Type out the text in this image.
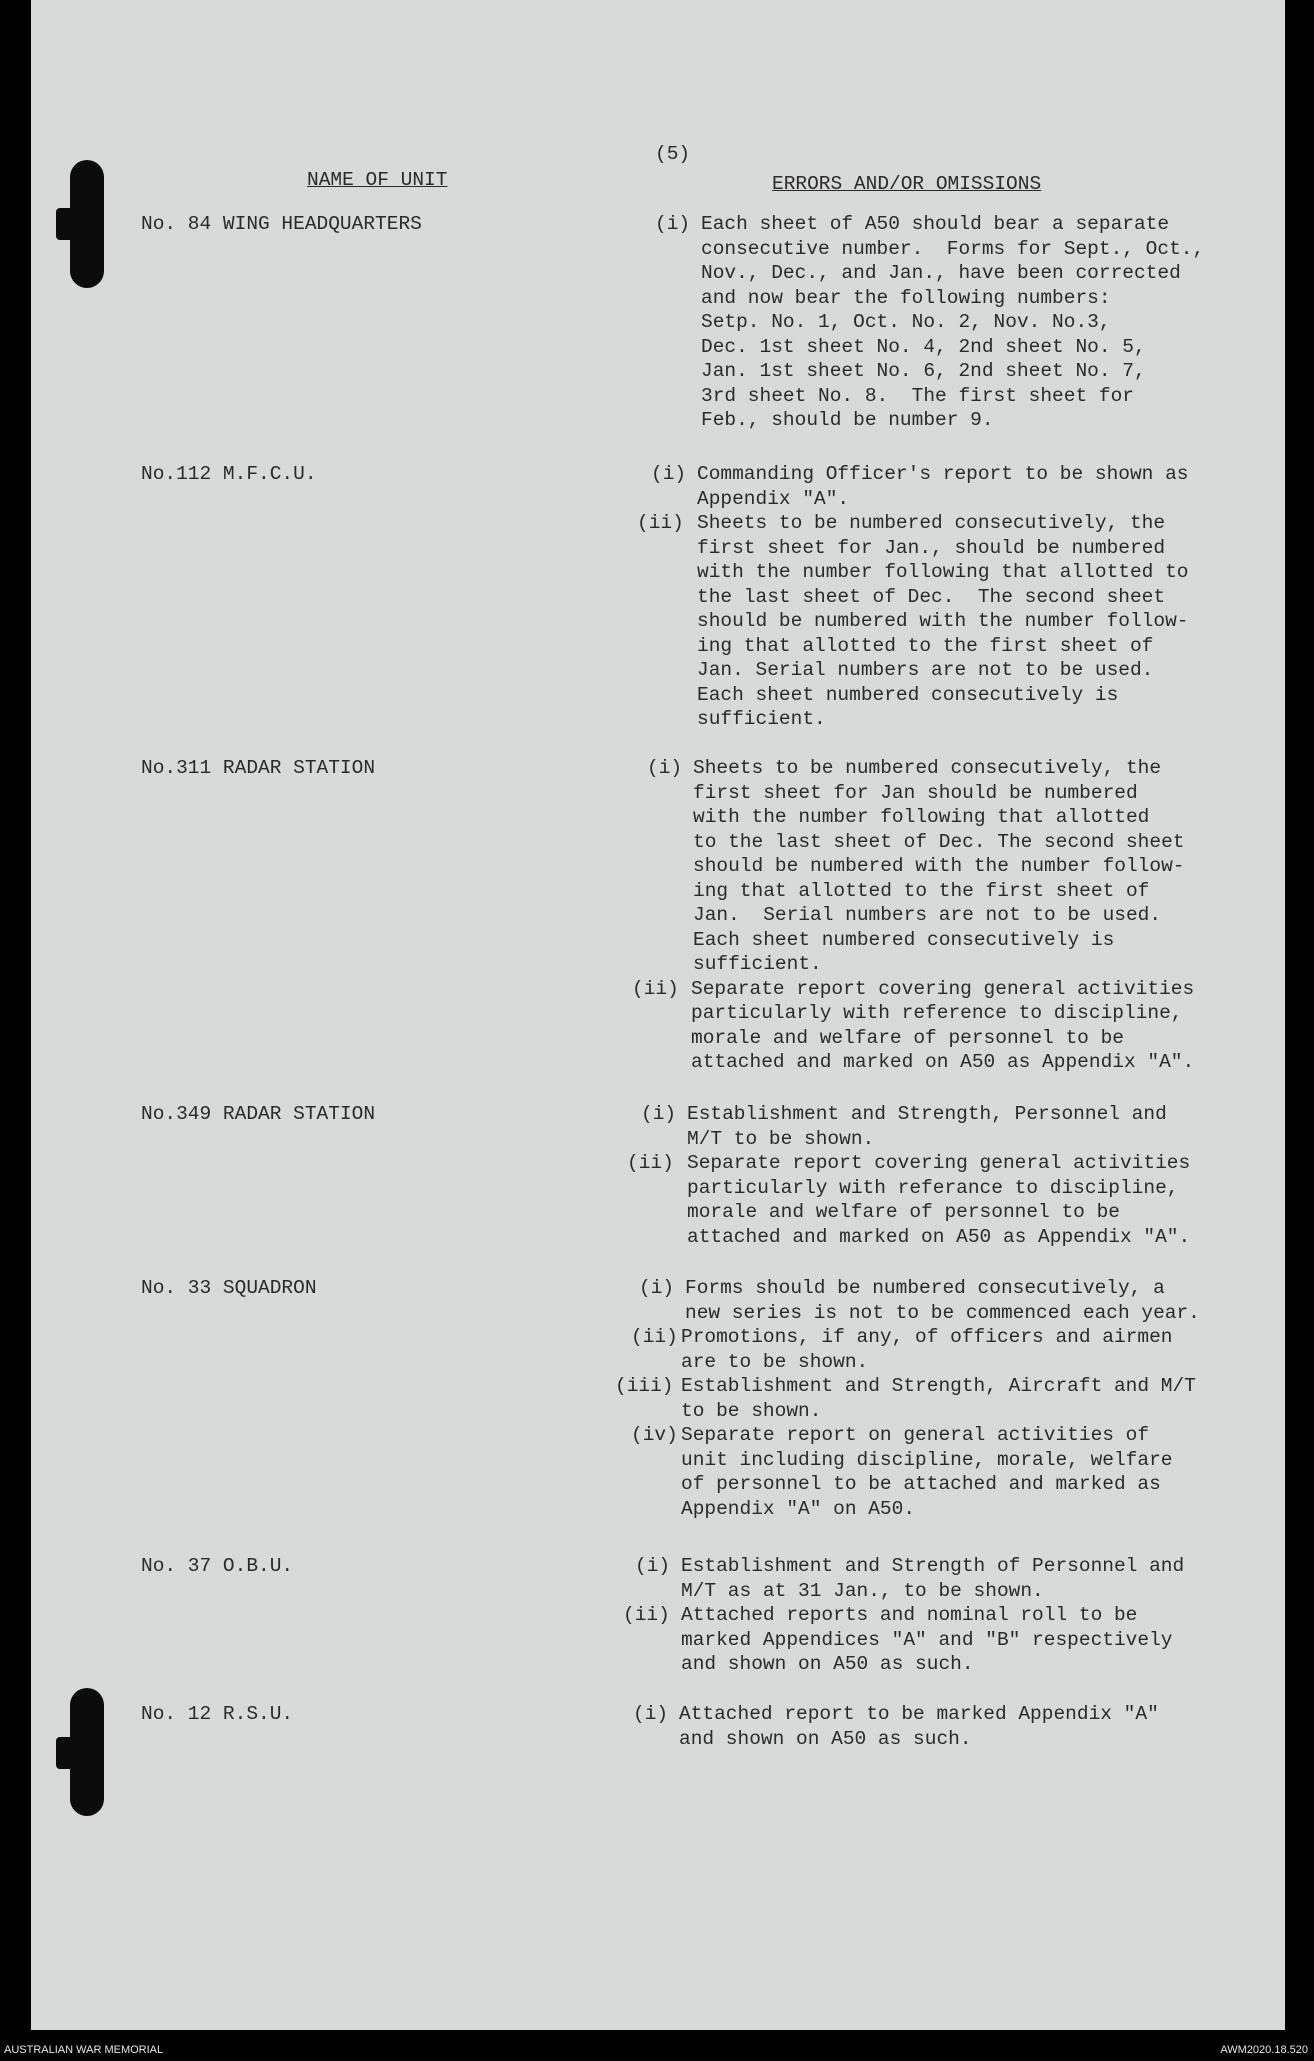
(5)
NAME OF UNIT	ERRORS AND/OR OMISSIONS
No. 84 WING HEADQUARTERS	(i) Each sheet of A50 should bear a separate
consecutive number.  Forms for Sept., Oct.,
Nov., Dec., and Jan., have been corrected
and now bear the following numbers:
Setp. No. 1, Oct. No. 2, Nov. No.3,
Dec. 1st sheet No. 4, 2nd sheet No. 5,
Jan. 1st sheet No. 6, 2nd sheet No. 7,
3rd sheet No. 8.  The first sheet for
Feb., should be number 9.
No.112 M.F.C.U.	(i) Commanding Officer's report to be shown as
Appendix "A".
(ii) Sheets to be numbered consecutively, the
first sheet for Jan., should be numbered
with the number following that allotted to
the last sheet of Dec.  The second sheet
should be numbered with the number follow-
ing that allotted to the first sheet of
Jan. Serial numbers are not to be used.
Each sheet numbered consecutively is
sufficient.
No.311 RADAR STATION	(i) Sheets to be numbered consecutively, the
first sheet for Jan should be numbered
with the number following that allotted
to the last sheet of Dec. The second sheet
should be numbered with the number follow-
ing that allotted to the first sheet of
Jan.  Serial numbers are not to be used.
Each sheet numbered consecutively is
sufficient.
(ii) Separate report covering general activities
particularly with reference to discipline,
morale and welfare of personnel to be
attached and marked on A50 as Appendix "A".
No.349 RADAR STATION	(i) Establishment and Strength, Personnel and
M/T to be shown.
(ii) Separate report covering general activities
particularly with referance to discipline,
morale and welfare of personnel to be
attached and marked on A50 as Appendix "A".
No. 33 SQUADRON	(i) Forms should be numbered consecutively, a
new series is not to be commenced each year.
(ii) Promotions, if any, of officers and airmen
are to be shown.
(iii) Establishment and Strength, Aircraft and M/T
to be shown.
(iv) Separate report on general activities of
unit including discipline, morale, welfare
of personnel to be attached and marked as
Appendix "A" on A50.
No. 37 O.B.U.	(i) Establishment and Strength of Personnel and
M/T as at 31 Jan., to be shown.
(ii) Attached reports and nominal roll to be
marked Appendices "A" and "B" respectively
and shown on A50 as such.
No. 12 R.S.U.	(i) Attached report to be marked Appendix "A"
and shown on A50 as such.
AUSTRALIAN WAR MEMORIAL	AWM2020.18.520
